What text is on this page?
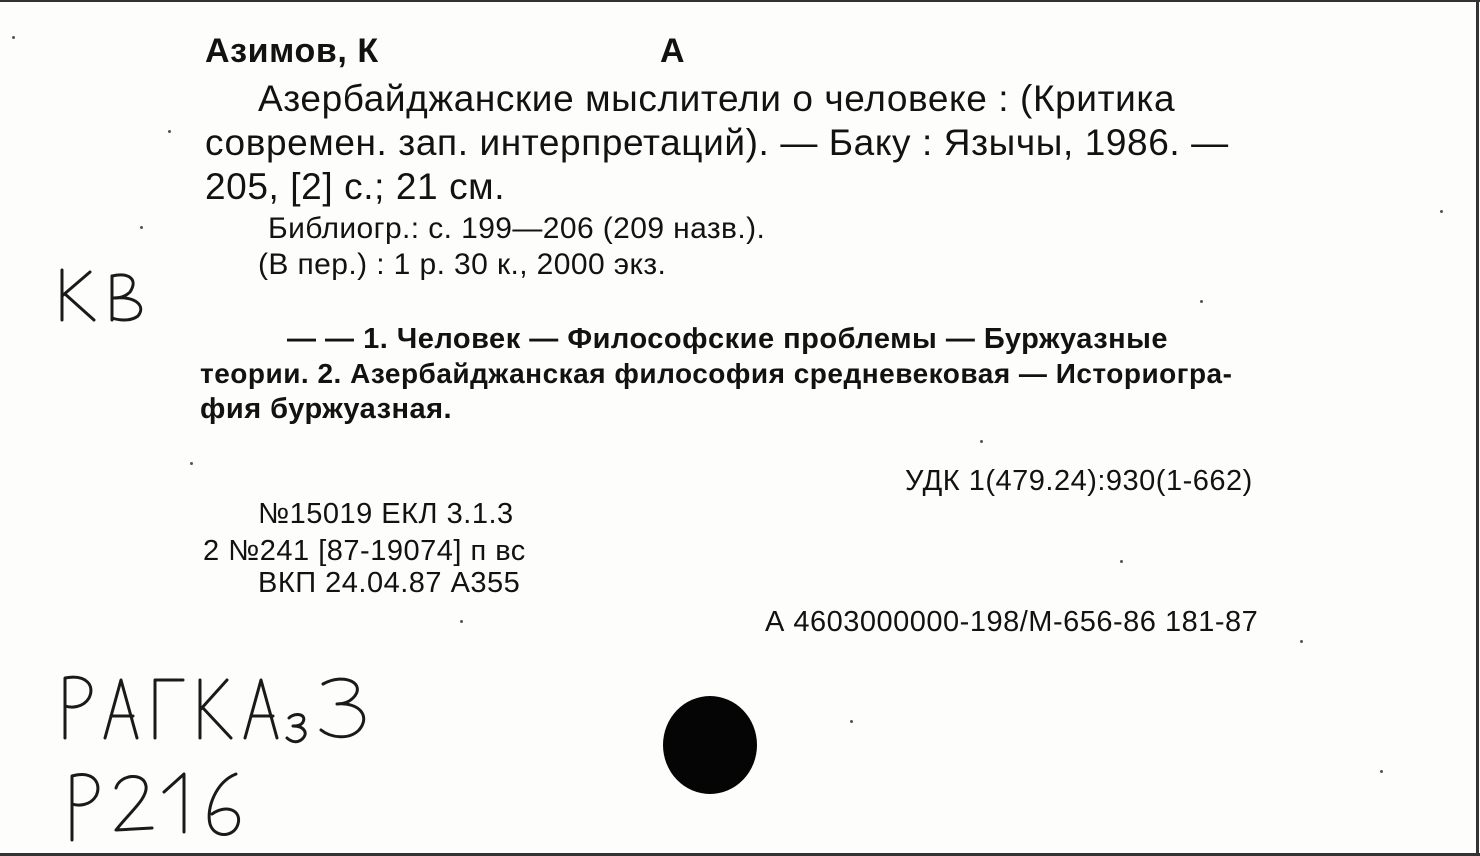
Азимов, К	А
Азербайджанские мыслители о человеке : (Критика
современ. зап. интерпретаций). — Баку : Язычы, 1986. —
205, [2] с.; 21 см.
Библиогр.: с. 199—206 (209 назв.).
(В пер.) : 1 р. 30 к., 2000 экз.
— — 1. Человек — Философские проблемы — Буржуазные
теории. 2. Азербайджанская философия средневековая — Историогра-
фия буржуазная.
УДК 1(479.24):930(1-662)
№15019 ЕКЛ 3.1.3
2 №241 [87-19074] п вс
ВКП 24.04.87 А355
А 4603000000-198/М-656-86 181-87
